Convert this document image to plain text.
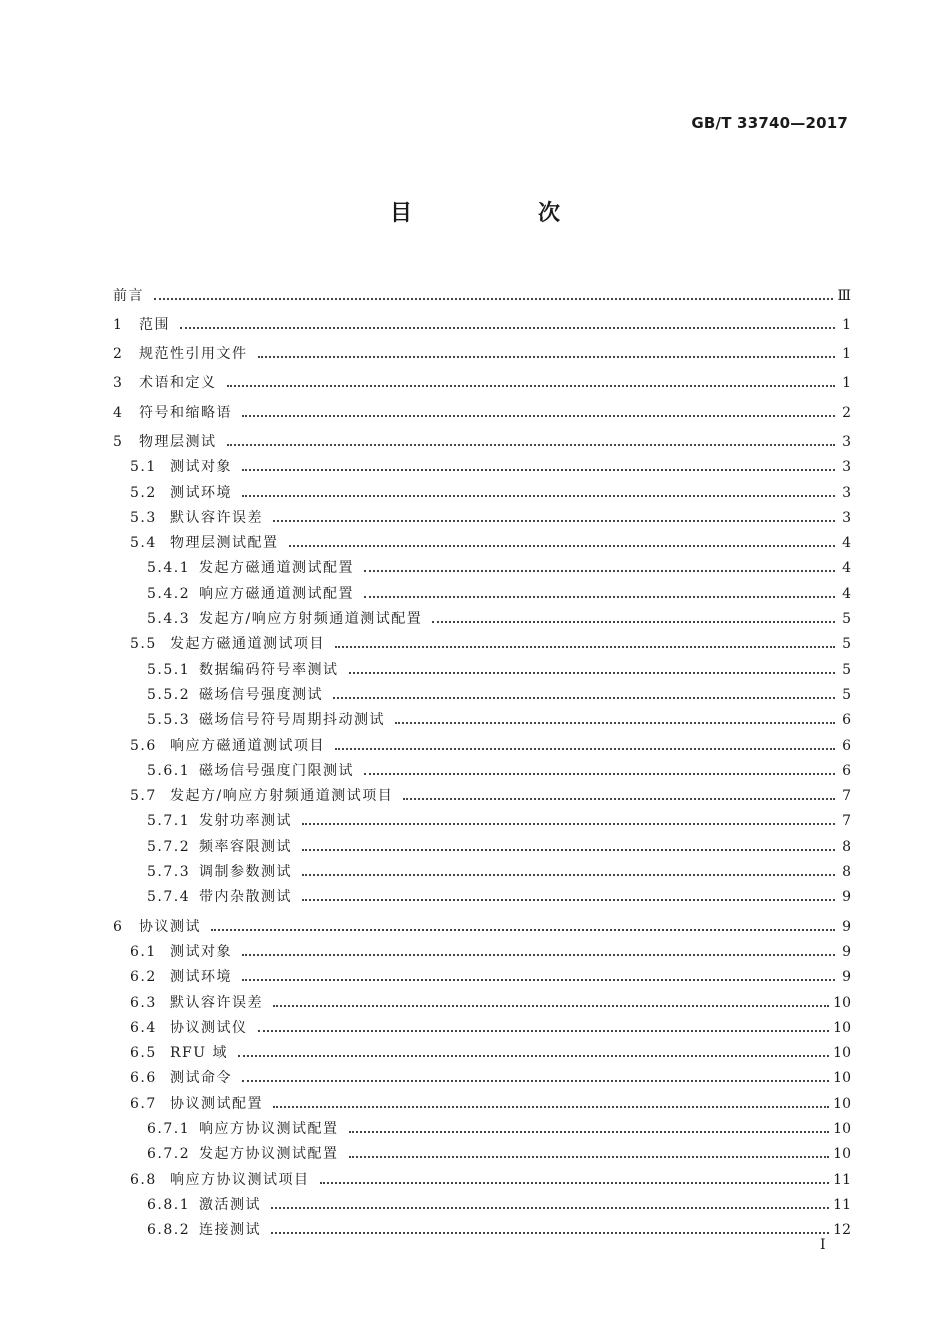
GB/T 33740—2017
目　次
前言	Ⅲ
1	范围	1
2	规范性引用文件	1
3	术语和定义	1
4	符号和缩略语	2
5	物理层测试	3
5.1 测试对象	3
5.2 测试环境	3
5.3 默认容许误差	3
5.4 物理层测试配置	4
5.4.1 发起方磁通道测试配置	4
5.4.2 响应方磁通道测试配置	4
5.4.3 发起方/响应方射频通道测试配置	5
5.5 发起方磁通道测试项目	5
5.5.1 数据编码符号率测试	5
5.5.2 磁场信号强度测试	5
5.5.3 磁场信号符号周期抖动测试	6
5.6 响应方磁通道测试项目	6
5.6.1 磁场信号强度门限测试	6
5.7 发起方/响应方射频通道测试项目	7
5.7.1 发射功率测试	7
5.7.2 频率容限测试	8
5.7.3 调制参数测试	8
5.7.4 带内杂散测试	9
6	协议测试	9
6.1 测试对象	9
6.2 测试环境	9
6.3 默认容许误差	10
6.4 协议测试仪	10
6.5 RFU 域	10
6.6 测试命令	10
6.7 协议测试配置	10
6.7.1 响应方协议测试配置	10
6.7.2 发起方协议测试配置	10
6.8 响应方协议测试项目	11
6.8.1 激活测试	11
6.8.2 连接测试	12
I
